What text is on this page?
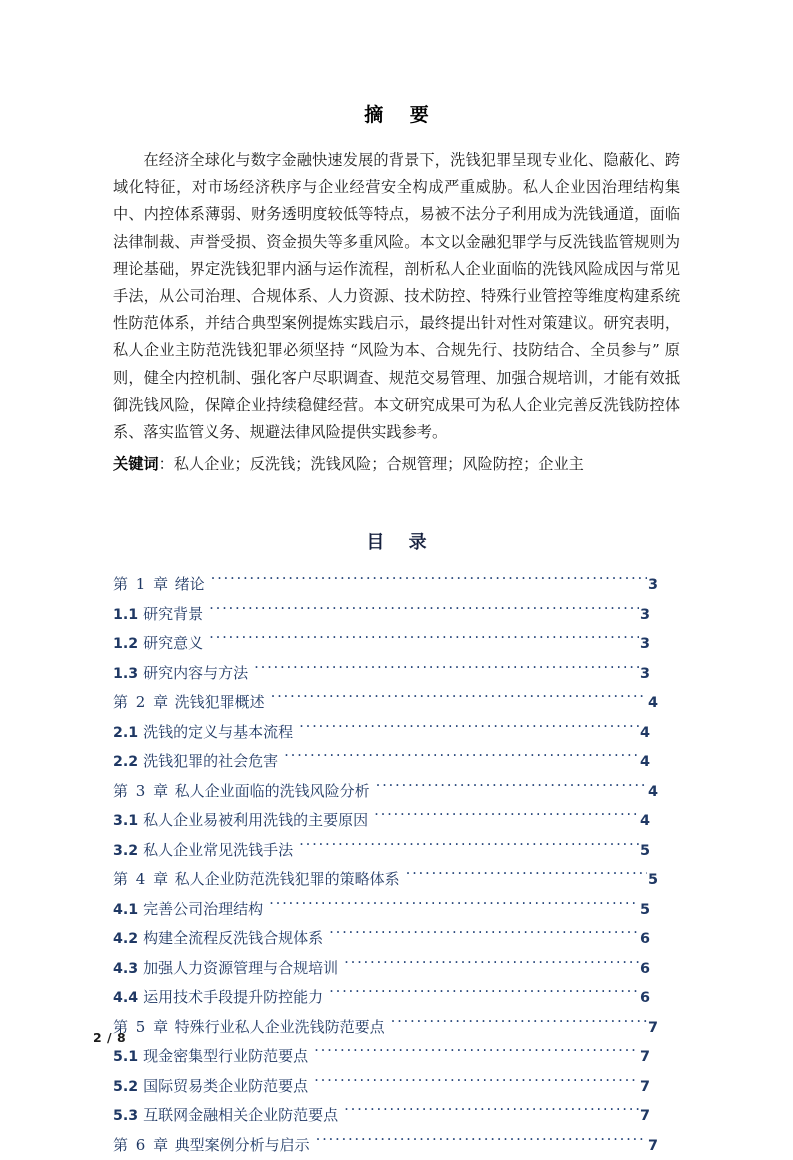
摘 要

在经济全球化与数字金融快速发展的背景下，洗钱犯罪呈现专业化、隐蔽化、跨域化特征，对市场经济秩序与企业经营安全构成严重威胁。私人企业因治理结构集中、内控体系薄弱、财务透明度较低等特点，易被不法分子利用成为洗钱通道，面临法律制裁、声誉受损、资金损失等多重风险。本文以金融犯罪学与反洗钱监管规则为理论基础，界定洗钱犯罪内涵与运作流程，剖析私人企业面临的洗钱风险成因与常见手法，从公司治理、合规体系、人力资源、技术防控、特殊行业管控等维度构建系统性防范体系，并结合典型案例提炼实践启示，最终提出针对性对策建议。研究表明，私人企业主防范洗钱犯罪必须坚持 “风险为本、合规先行、技防结合、全员参与” 原则，健全内控机制、强化客户尽职调查、规范交易管理、加强合规培训，才能有效抵御洗钱风险，保障企业持续稳健经营。本文研究成果可为私人企业完善反洗钱防控体系、落实监管义务、规避法律风险提供实践参考。

关键词：私人企业；反洗钱；洗钱风险；合规管理；风险防控；企业主

目 录
第 1 章 绪论 .....	3
1.1 研究背景 .....	3
1.2 研究意义 .....	3
1.3 研究内容与方法 .....	3
第 2 章 洗钱犯罪概述 .....	4
2.1 洗钱的定义与基本流程 .....	4
2.2 洗钱犯罪的社会危害 .....	4
第 3 章 私人企业面临的洗钱风险分析 .....	4
3.1 私人企业易被利用洗钱的主要原因 .....	4
3.2 私人企业常见洗钱手法 .....	5
第 4 章 私人企业防范洗钱犯罪的策略体系 .....	5
4.1 完善公司治理结构 .....	5
4.2 构建全流程反洗钱合规体系 .....	6
4.3 加强人力资源管理与合规培训 .....	6
4.4 运用技术手段提升防控能力 .....	6
第 5 章 特殊行业私人企业洗钱防范要点 .....	7
5.1 现金密集型行业防范要点 .....	7
5.2 国际贸易类企业防范要点 .....	7
5.3 互联网金融相关企业防范要点 .....	7
第 6 章 典型案例分析与启示 .....	7
2 / 8
